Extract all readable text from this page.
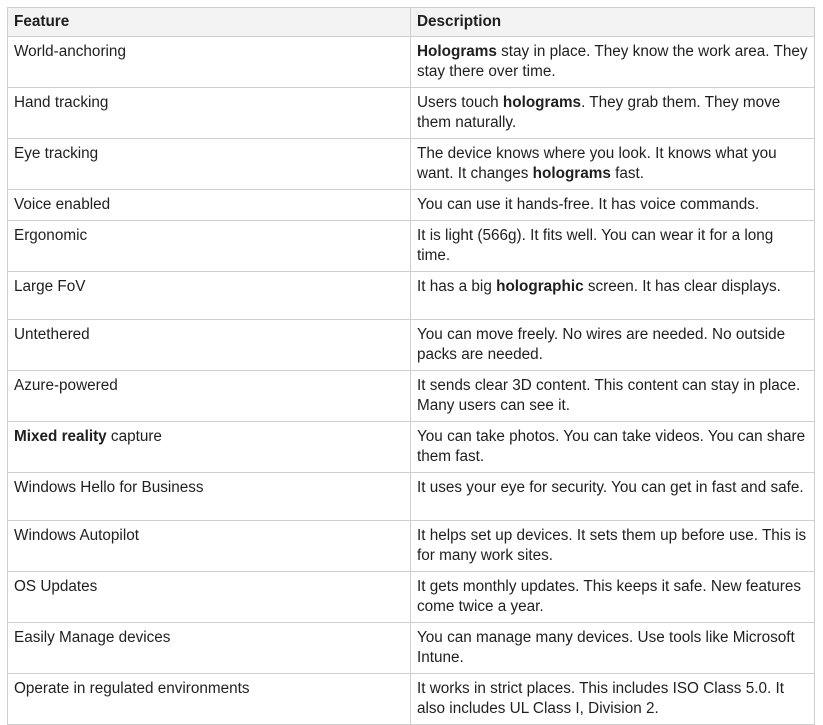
Feature	Description
World-anchoring	Holograms stay in place. They know the work area. They stay there over time.
Hand tracking	Users touch holograms. They grab them. They move them naturally.
Eye tracking	The device knows where you look. It knows what you want. It changes holograms fast.
Voice enabled	You can use it hands-free. It has voice commands.
Ergonomic	It is light (566g). It fits well. You can wear it for a long time.
Large FoV	It has a big holographic screen. It has clear displays.
Untethered	You can move freely. No wires are needed. No outside packs are needed.
Azure-powered	It sends clear 3D content. This content can stay in place. Many users can see it.
Mixed reality capture	You can take photos. You can take videos. You can share them fast.
Windows Hello for Business	It uses your eye for security. You can get in fast and safe.
Windows Autopilot	It helps set up devices. It sets them up before use. This is for many work sites.
OS Updates	It gets monthly updates. This keeps it safe. New features come twice a year.
Easily Manage devices	You can manage many devices. Use tools like Microsoft Intune.
Operate in regulated environments	It works in strict places. This includes ISO Class 5.0. It also includes UL Class I, Division 2.
